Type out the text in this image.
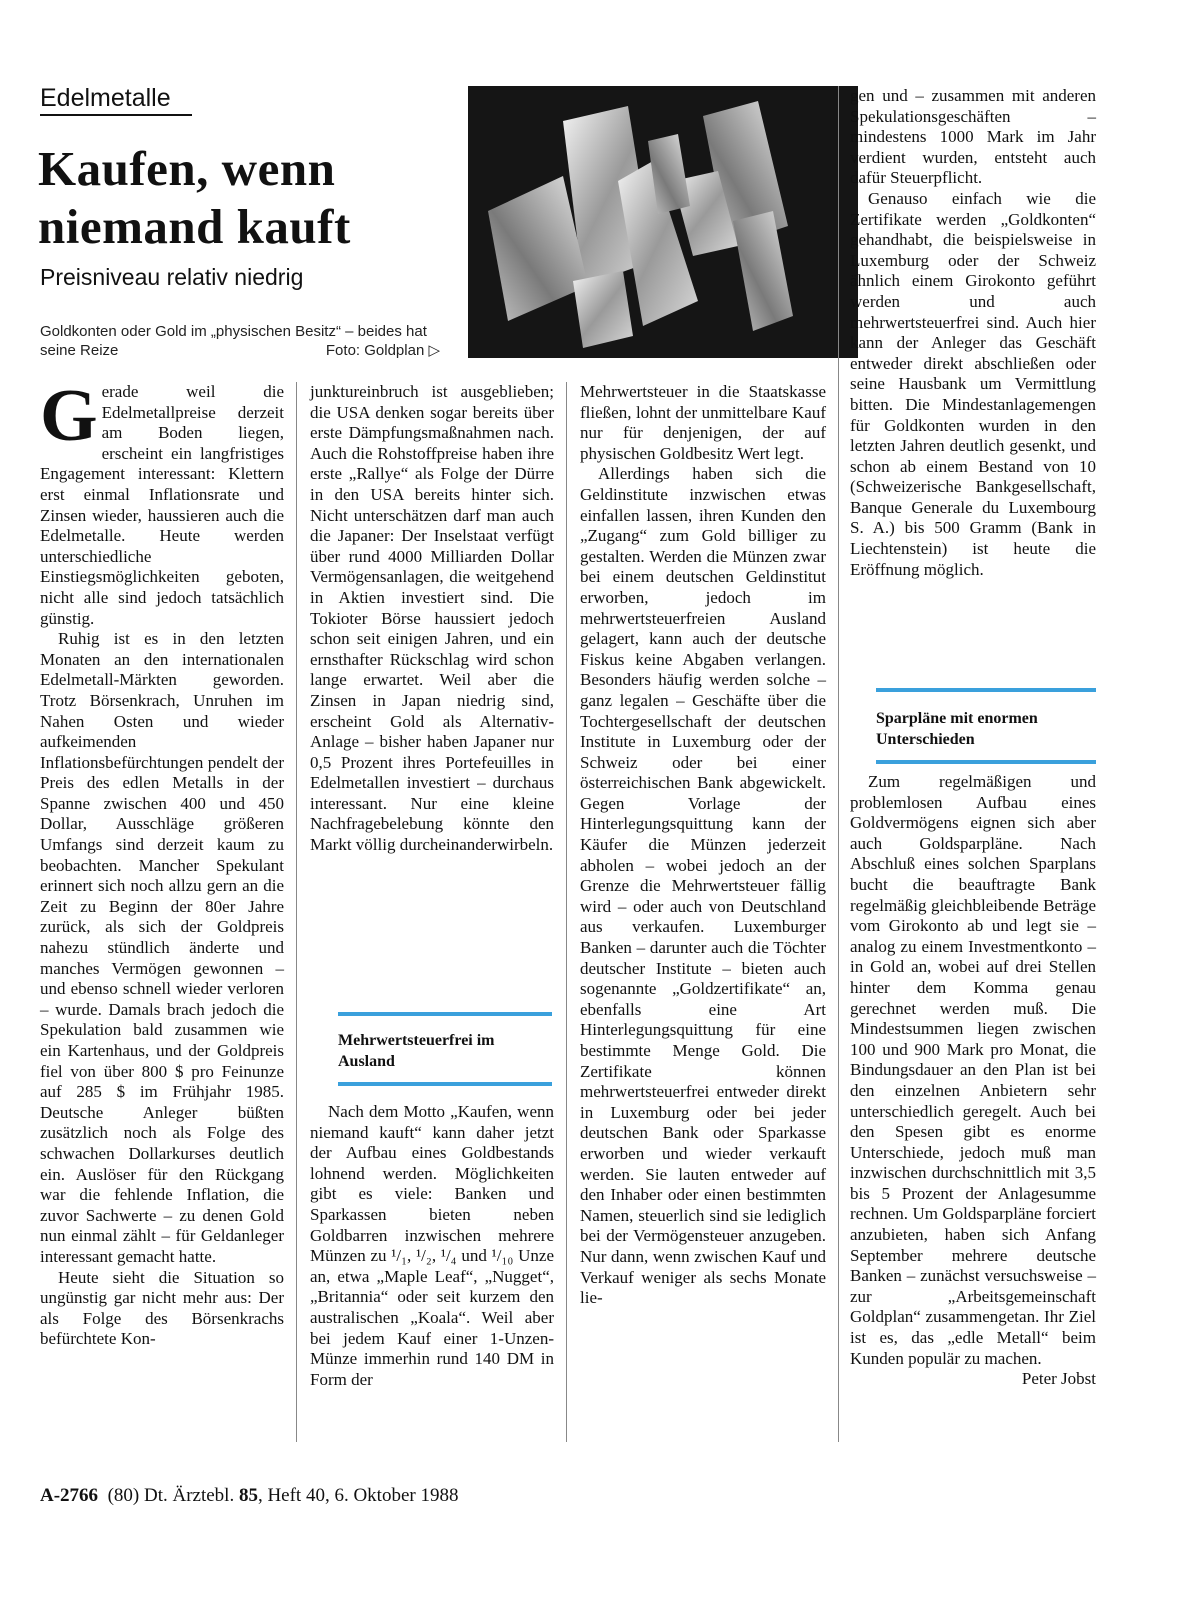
Edelmetalle
Kaufen, wenn niemand kauft
Preisniveau relativ niedrig
Goldkonten oder Gold im „physischen Besitz“ – beides hat seine Reize	Foto: Goldplan ▷

Gerade weil die Edelmetallpreise derzeit am Boden liegen, erscheint ein langfristiges Engagement interessant: Klettern erst einmal Inflationsrate und Zinsen wieder, haussieren auch die Edelmetalle. Heute werden unterschiedliche Einstiegsmöglichkeiten geboten, nicht alle sind jedoch tatsächlich günstig.

Ruhig ist es in den letzten Monaten an den internationalen Edelmetall-Märkten geworden. Trotz Börsenkrach, Unruhen im Nahen Osten und wieder aufkeimenden Inflationsbefürchtungen pendelt der Preis des edlen Metalls in der Spanne zwischen 400 und 450 Dollar, Ausschläge größeren Umfangs sind derzeit kaum zu beobachten. Mancher Spekulant erinnert sich noch allzu gern an die Zeit zu Beginn der 80er Jahre zurück, als sich der Goldpreis nahezu stündlich änderte und manches Vermögen gewonnen – und ebenso schnell wieder verloren – wurde. Damals brach jedoch die Spekulation bald zusammen wie ein Kartenhaus, und der Goldpreis fiel von über 800 $ pro Feinunze auf 285 $ im Frühjahr 1985. Deutsche Anleger büßten zusätzlich noch als Folge des schwachen Dollarkurses deutlich ein. Auslöser für den Rückgang war die fehlende Inflation, die zuvor Sachwerte – zu denen Gold nun einmal zählt – für Geldanleger interessant gemacht hatte.

Heute sieht die Situation so ungünstig gar nicht mehr aus: Der als Folge des Börsenkrachs befürchtete Kon-

junktureinbruch ist ausgeblieben; die USA denken sogar bereits über erste Dämpfungsmaßnahmen nach. Auch die Rohstoffpreise haben ihre erste „Rallye“ als Folge der Dürre in den USA bereits hinter sich. Nicht unterschätzen darf man auch die Japaner: Der Inselstaat verfügt über rund 4000 Milliarden Dollar Vermögensanlagen, die weitgehend in Aktien investiert sind. Die Tokioter Börse haussiert jedoch schon seit einigen Jahren, und ein ernsthafter Rückschlag wird schon lange erwartet. Weil aber die Zinsen in Japan niedrig sind, erscheint Gold als Alternativ-Anlage – bisher haben Japaner nur 0,5 Prozent ihres Portefeuilles in Edelmetallen investiert – durchaus interessant. Nur eine kleine Nachfragebelebung könnte den Markt völlig durcheinanderwirbeln.

Mehrwertsteuerfrei im Ausland

Nach dem Motto „Kaufen, wenn niemand kauft“ kann daher jetzt der Aufbau eines Goldbestands lohnend werden. Möglichkeiten gibt es viele: Banken und Sparkassen bieten neben Goldbarren inzwischen mehrere Münzen zu ¹/₁, ¹/₂, ¹/₄ und ¹/₁₀ Unze an, etwa „Maple Leaf“, „Nugget“, „Britannia“ oder seit kurzem den australischen „Koala“. Weil aber bei jedem Kauf einer 1-Unzen-Münze immerhin rund 140 DM in Form der

Mehrwertsteuer in die Staatskasse fließen, lohnt der unmittelbare Kauf nur für denjenigen, der auf physischen Goldbesitz Wert legt.

Allerdings haben sich die Geldinstitute inzwischen etwas einfallen lassen, ihren Kunden den „Zugang“ zum Gold billiger zu gestalten. Werden die Münzen zwar bei einem deutschen Geldinstitut erworben, jedoch im mehrwertsteuerfreien Ausland gelagert, kann auch der deutsche Fiskus keine Abgaben verlangen. Besonders häufig werden solche – ganz legalen – Geschäfte über die Tochtergesellschaft der deutschen Institute in Luxemburg oder der Schweiz oder bei einer österreichischen Bank abgewickelt. Gegen Vorlage der Hinterlegungsquittung kann der Käufer die Münzen jederzeit abholen – wobei jedoch an der Grenze die Mehrwertsteuer fällig wird – oder auch von Deutschland aus verkaufen. Luxemburger Banken – darunter auch die Töchter deutscher Institute – bieten auch sogenannte „Goldzertifikate“ an, ebenfalls eine Art Hinterlegungsquittung für eine bestimmte Menge Gold. Die Zertifikate können mehrwertsteuerfrei entweder direkt in Luxemburg oder bei jeder deutschen Bank oder Sparkasse erworben und wieder verkauft werden. Sie lauten entweder auf den Inhaber oder einen bestimmten Namen, steuerlich sind sie lediglich bei der Vermögensteuer anzugeben. Nur dann, wenn zwischen Kauf und Verkauf weniger als sechs Monate lie-

gen und – zusammen mit anderen Spekulationsgeschäften – mindestens 1000 Mark im Jahr verdient wurden, entsteht auch dafür Steuerpflicht.

Genauso einfach wie die Zertifikate werden „Goldkonten“ gehandhabt, die beispielsweise in Luxemburg oder der Schweiz ähnlich einem Girokonto geführt werden und auch mehrwertsteuerfrei sind. Auch hier kann der Anleger das Geschäft entweder direkt abschließen oder seine Hausbank um Vermittlung bitten. Die Mindestanlagemengen für Goldkonten wurden in den letzten Jahren deutlich gesenkt, und schon ab einem Bestand von 10 (Schweizerische Bankgesellschaft, Banque Generale du Luxembourg S. A.) bis 500 Gramm (Bank in Liechtenstein) ist heute die Eröffnung möglich.

Sparpläne mit enormen Unterschieden

Zum regelmäßigen und problemlosen Aufbau eines Goldvermögens eignen sich aber auch Goldsparpläne. Nach Abschluß eines solchen Sparplans bucht die beauftragte Bank regelmäßig gleichbleibende Beträge vom Girokonto ab und legt sie – analog zu einem Investmentkonto – in Gold an, wobei auf drei Stellen hinter dem Komma genau gerechnet werden muß. Die Mindestsummen liegen zwischen 100 und 900 Mark pro Monat, die Bindungsdauer an den Plan ist bei den einzelnen Anbietern sehr unterschiedlich geregelt. Auch bei den Spesen gibt es enorme Unterschiede, jedoch muß man inzwischen durchschnittlich mit 3,5 bis 5 Prozent der Anlagesumme rechnen. Um Goldsparpläne forciert anzubieten, haben sich Anfang September mehrere deutsche Banken – zunächst versuchsweise – zur „Arbeitsgemeinschaft Goldplan“ zusammengetan. Ihr Ziel ist es, das „edle Metall“ beim Kunden populär zu machen.
Peter Jobst

A-2766 (80) Dt. Ärztebl. 85, Heft 40, 6. Oktober 1988
